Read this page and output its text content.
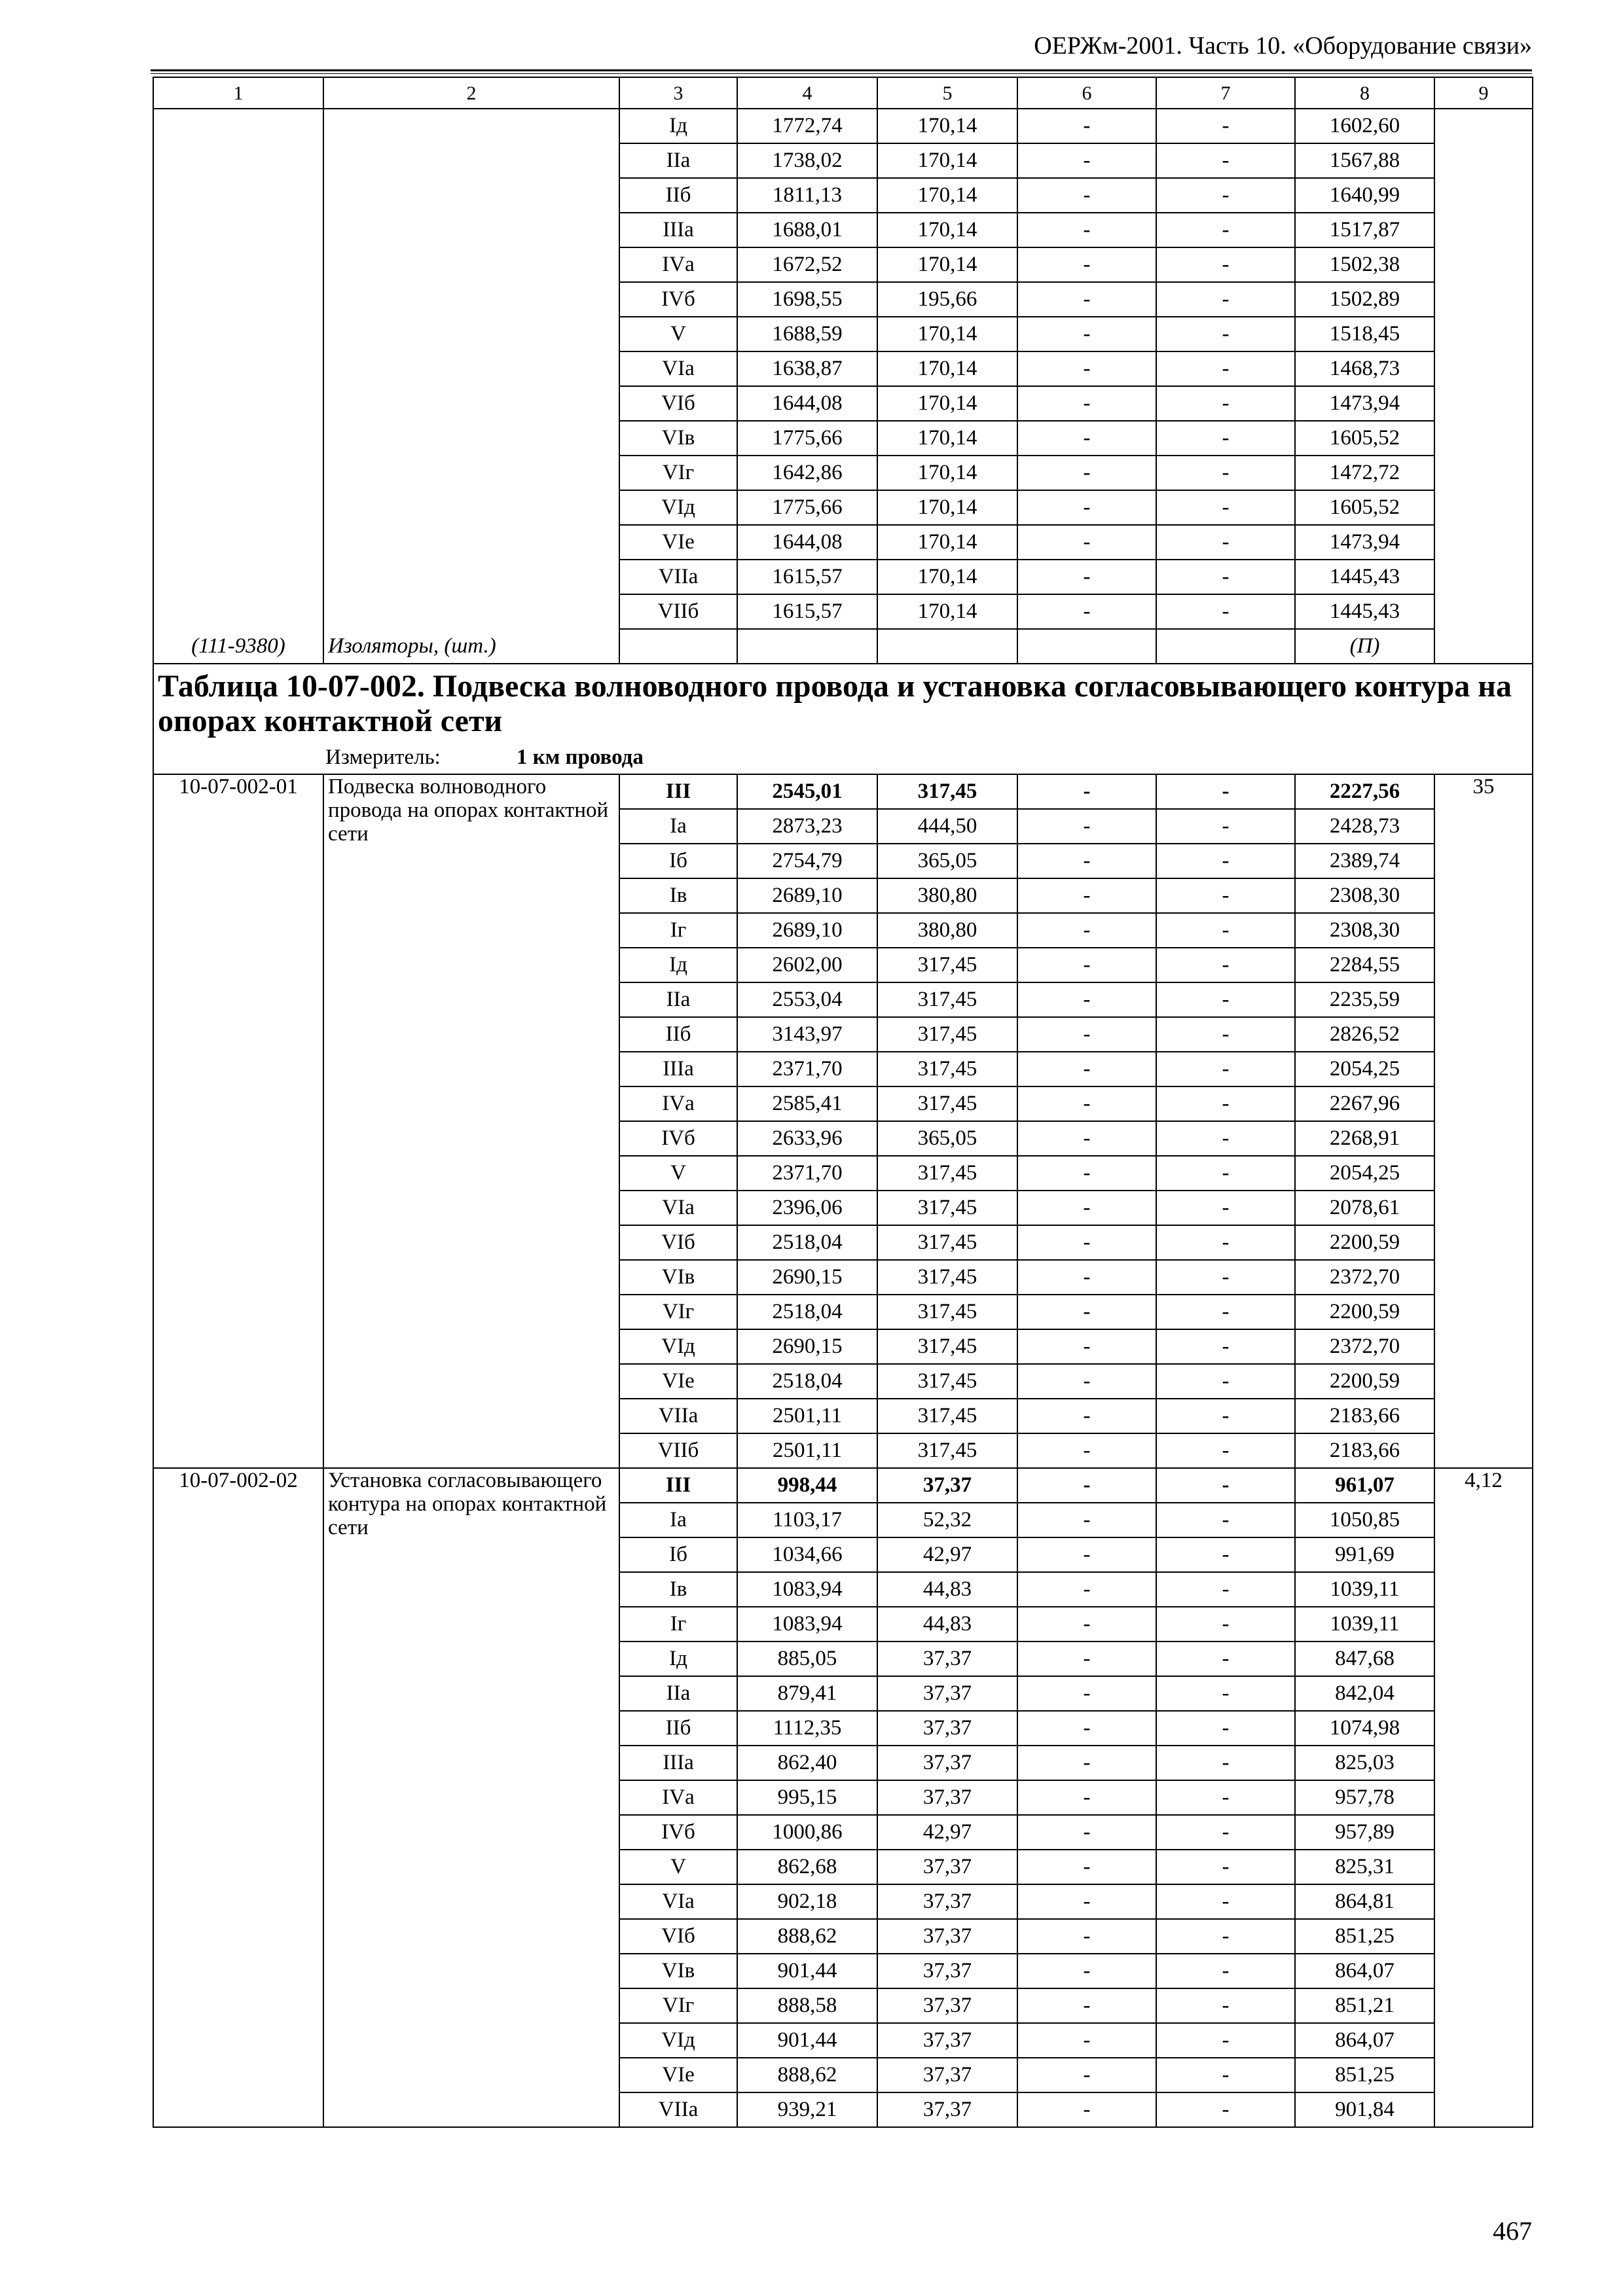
ОЕРЖм-2001. Часть 10. «Оборудование связи»
1	2	3	4	5	6	7	8	9
		Iд	1772,74	170,14	-	-	1602,60	
		IIа	1738,02	170,14	-	-	1567,88	
		IIб	1811,13	170,14	-	-	1640,99	
		IIIа	1688,01	170,14	-	-	1517,87	
		IVа	1672,52	170,14	-	-	1502,38	
		IVб	1698,55	195,66	-	-	1502,89	
		V	1688,59	170,14	-	-	1518,45	
		VIа	1638,87	170,14	-	-	1468,73	
		VIб	1644,08	170,14	-	-	1473,94	
		VIв	1775,66	170,14	-	-	1605,52	
		VIг	1642,86	170,14	-	-	1472,72	
		VIд	1775,66	170,14	-	-	1605,52	
		VIе	1644,08	170,14	-	-	1473,94	
		VIIа	1615,57	170,14	-	-	1445,43	
		VIIб	1615,57	170,14	-	-	1445,43	
(111-9380)	Изоляторы, (шт.)						(П)	
Таблица 10-07-002. Подвеска волноводного провода и установка согласовывающего контура на опорах контактной сети								
Измеритель: 1 км провода								
10-07-002-01	Подвеска волноводного провода на опорах контактной сети	III	2545,01	317,45	-	-	2227,56	35
		Iа	2873,23	444,50	-	-	2428,73	
		Iб	2754,79	365,05	-	-	2389,74	
		Iв	2689,10	380,80	-	-	2308,30	
		Iг	2689,10	380,80	-	-	2308,30	
		Iд	2602,00	317,45	-	-	2284,55	
		IIа	2553,04	317,45	-	-	2235,59	
		IIб	3143,97	317,45	-	-	2826,52	
		IIIа	2371,70	317,45	-	-	2054,25	
		IVа	2585,41	317,45	-	-	2267,96	
		IVб	2633,96	365,05	-	-	2268,91	
		V	2371,70	317,45	-	-	2054,25	
		VIа	2396,06	317,45	-	-	2078,61	
		VIб	2518,04	317,45	-	-	2200,59	
		VIв	2690,15	317,45	-	-	2372,70	
		VIг	2518,04	317,45	-	-	2200,59	
		VIд	2690,15	317,45	-	-	2372,70	
		VIе	2518,04	317,45	-	-	2200,59	
		VIIа	2501,11	317,45	-	-	2183,66	
		VIIб	2501,11	317,45	-	-	2183,66	
10-07-002-02	Установка согласовывающего контура на опорах контактной сети	III	998,44	37,37	-	-	961,07	4,12
		Iа	1103,17	52,32	-	-	1050,85	
		Iб	1034,66	42,97	-	-	991,69	
		Iв	1083,94	44,83	-	-	1039,11	
		Iг	1083,94	44,83	-	-	1039,11	
		Iд	885,05	37,37	-	-	847,68	
		IIа	879,41	37,37	-	-	842,04	
		IIб	1112,35	37,37	-	-	1074,98	
		IIIа	862,40	37,37	-	-	825,03	
		IVа	995,15	37,37	-	-	957,78	
		IVб	1000,86	42,97	-	-	957,89	
		V	862,68	37,37	-	-	825,31	
		VIа	902,18	37,37	-	-	864,81	
		VIб	888,62	37,37	-	-	851,25	
		VIв	901,44	37,37	-	-	864,07	
		VIг	888,58	37,37	-	-	851,21	
		VIд	901,44	37,37	-	-	864,07	
		VIе	888,62	37,37	-	-	851,25	
		VIIа	939,21	37,37	-	-	901,84	
467
